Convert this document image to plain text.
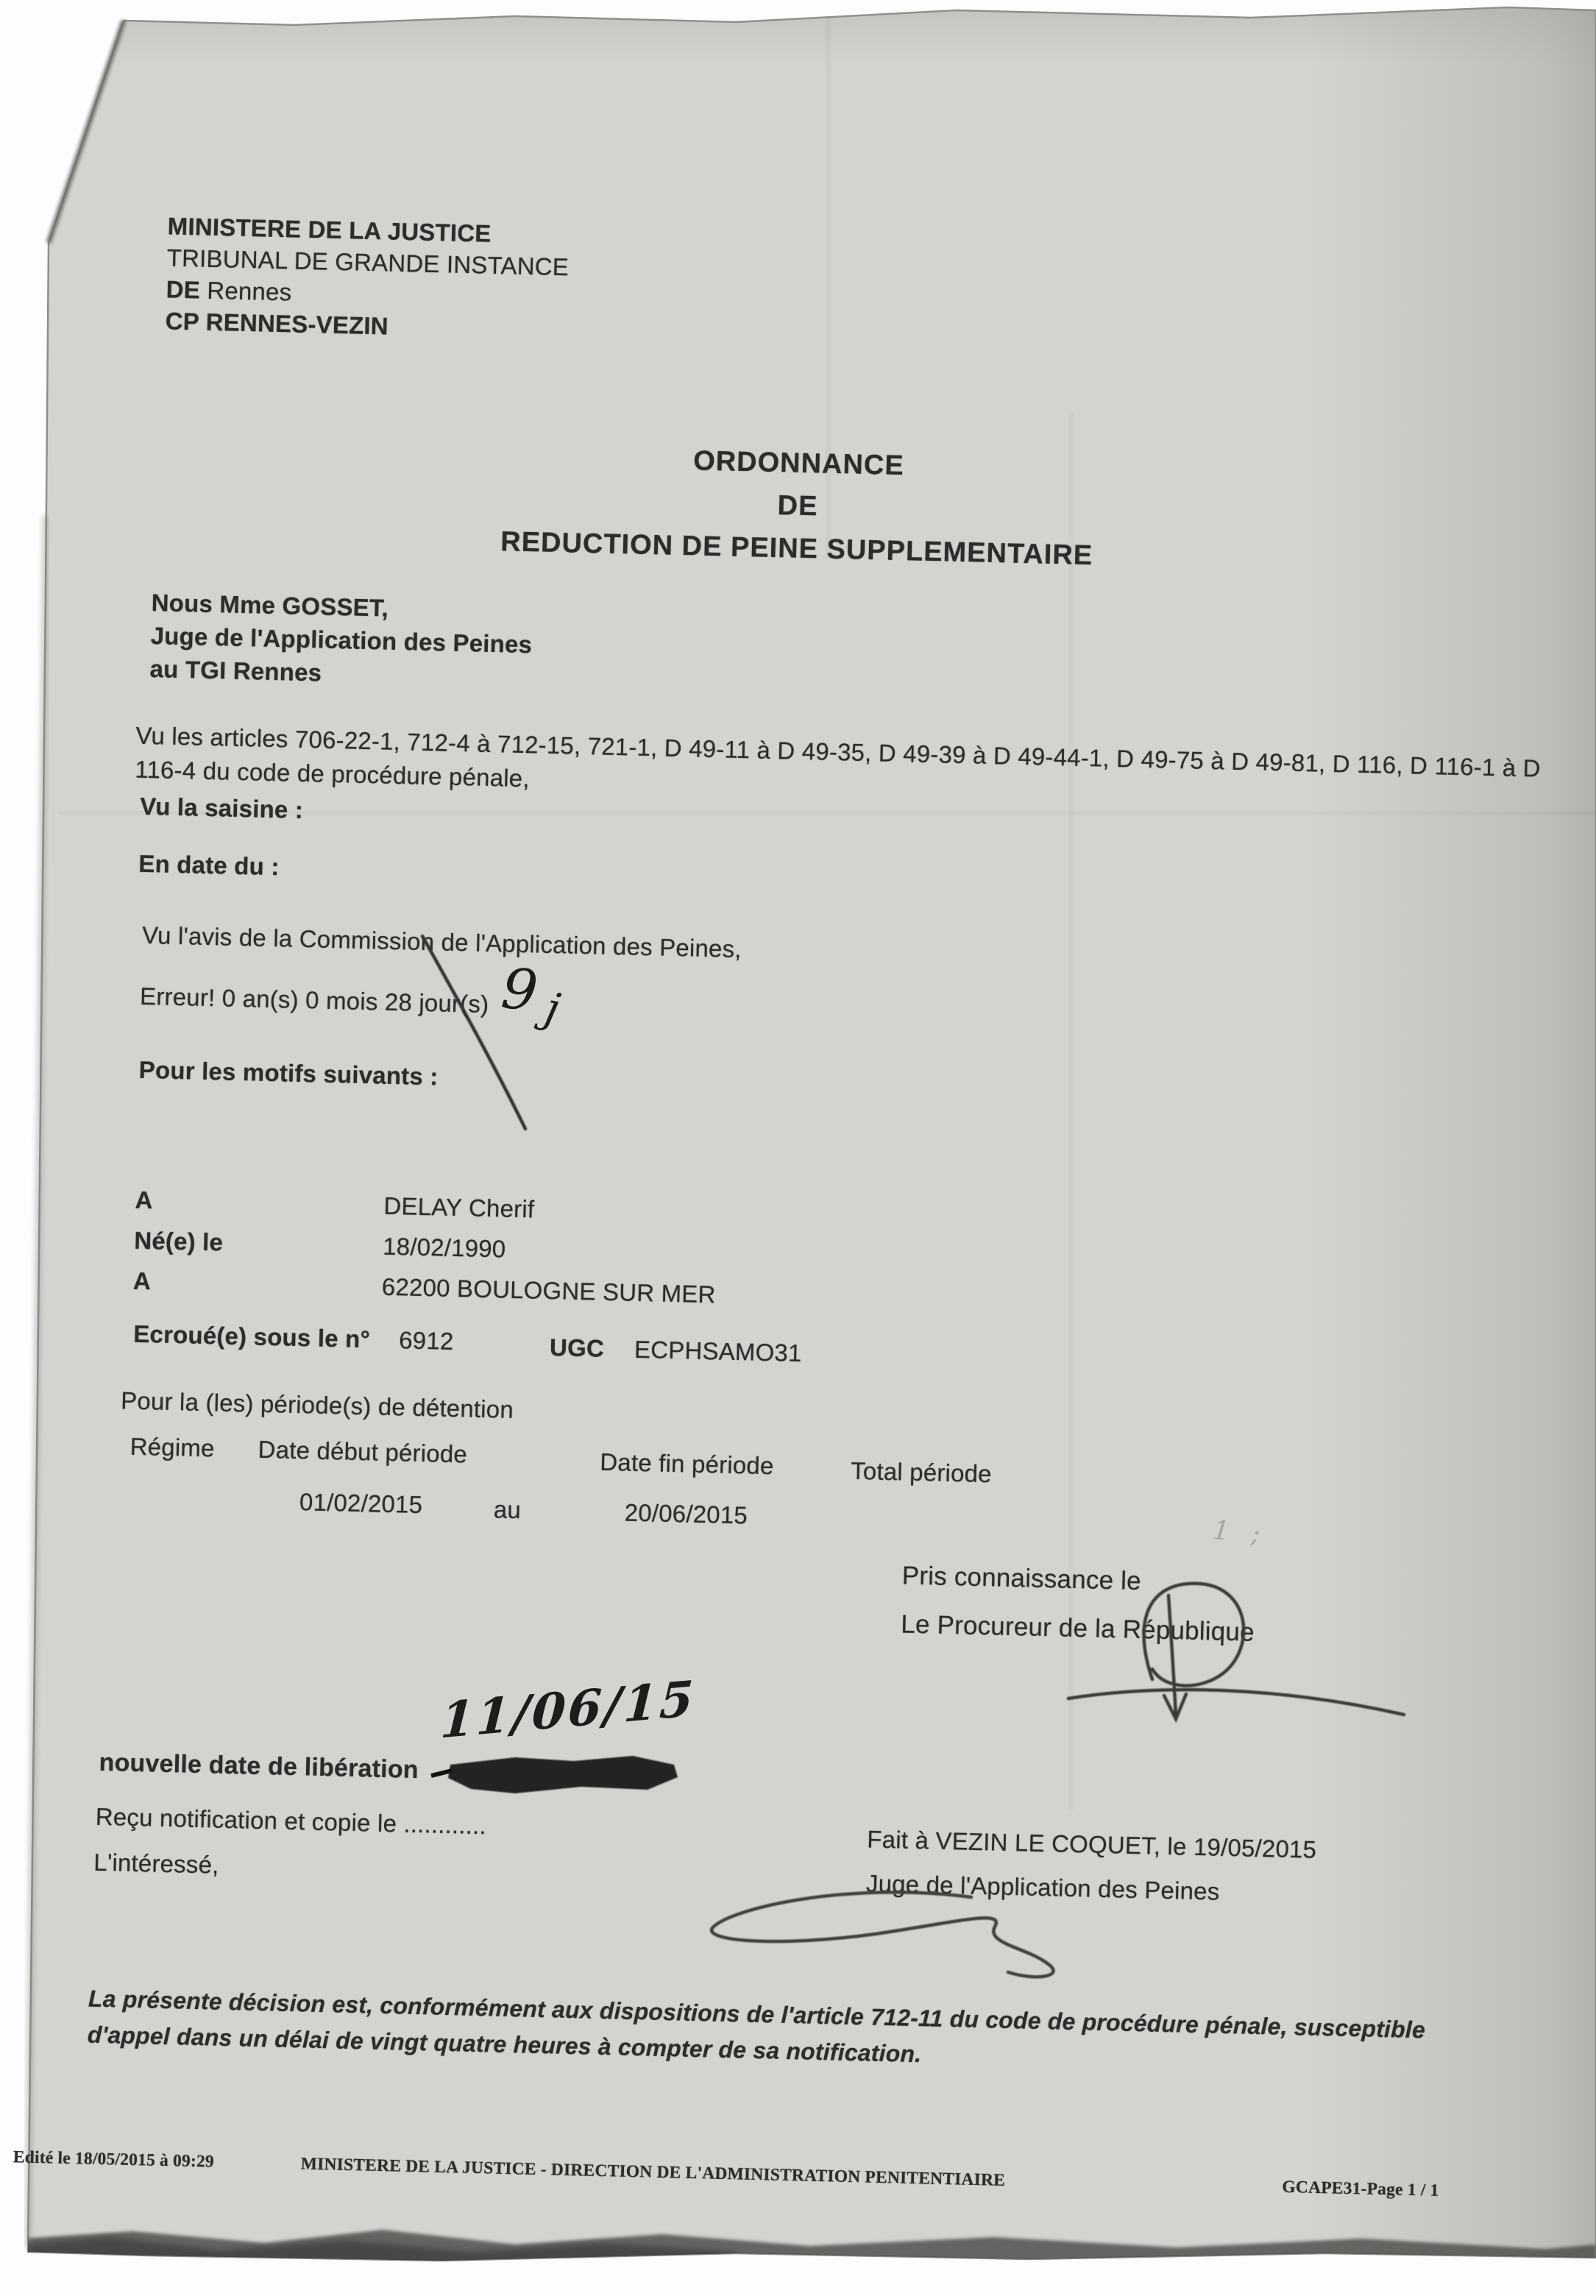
MINISTERE DE LA JUSTICE
TRIBUNAL DE GRANDE INSTANCE
DE Rennes
CP RENNES-VEZIN
ORDONNANCE
DE
REDUCTION DE PEINE SUPPLEMENTAIRE
Nous Mme GOSSET,
Juge de l'Application des Peines
au TGI Rennes
Vu les articles 706-22-1, 712-4 à 712-15, 721-1, D 49-11 à D 49-35, D 49-39 à D 49-44-1, D 49-75 à D 49-81, D 116, D 116-1 à D 116-4 du code de procédure pénale,
Vu la saisine :
En date du :
Vu l'avis de la Commission de l'Application des Peines,
Erreur! 0 an(s) 0 mois 28 jour(s)
Pour les motifs suivants :
A	DELAY Cherif
Né(e) le	18/02/1990
A	62200 BOULOGNE SUR MER
Ecroué(e) sous le n° 6912	UGC ECPHSAMO31
Pour la (les) période(s) de détention
Régime Date début période	Date fin période	Total période
01/02/2015	au	20/06/2015
Pris connaissance le
Le Procureur de la République
nouvelle date de libération
Reçu notification et copie le ............
L'intéressé,
Fait à VEZIN LE COQUET, le 19/05/2015
Juge de l'Application des Peines
La présente décision est, conformément aux dispositions de l'article 712-11 du code de procédure pénale, susceptible d'appel dans un délai de vingt quatre heures à compter de sa notification.
Edité le 18/05/2015 à 09:29	MINISTERE DE LA JUSTICE - DIRECTION DE L'ADMINISTRATION PENITENTIAIRE	GCAPE31-Page 1 / 1
9 j
1 ;
11/06/15
